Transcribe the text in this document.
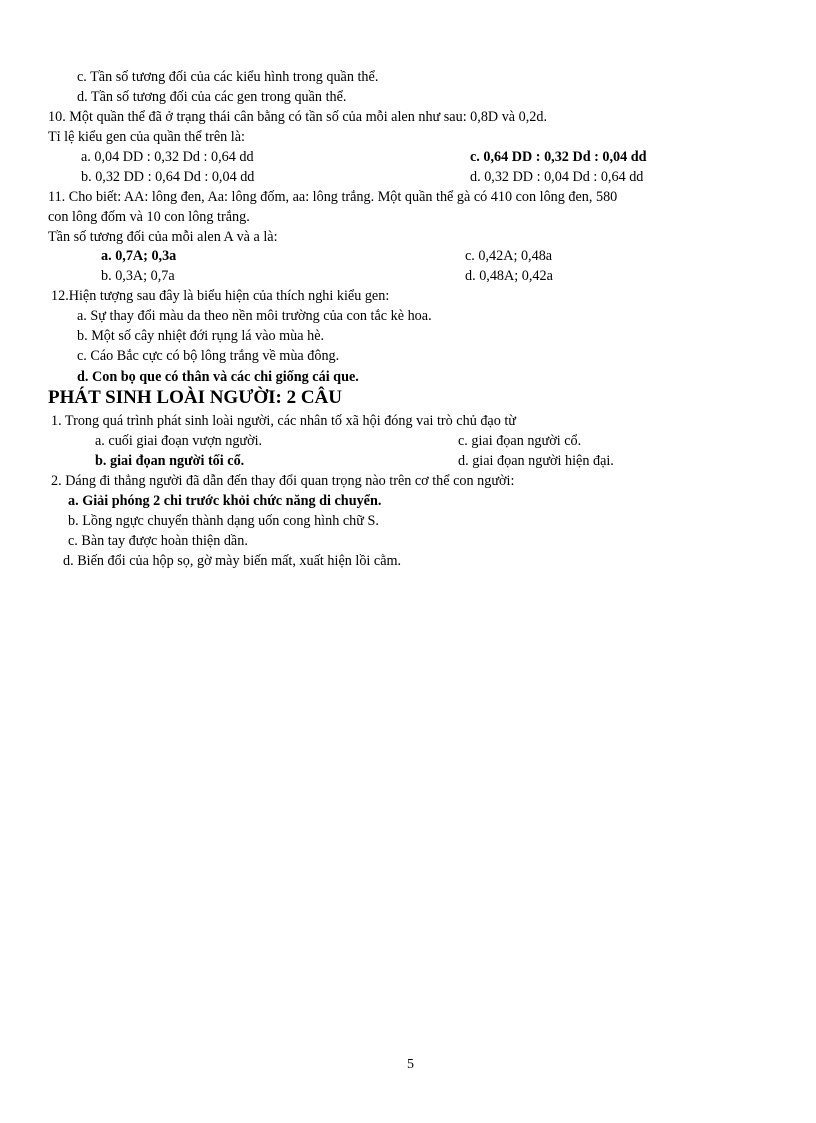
c. Tần số tương đối của các kiểu hình trong quần thể.
d. Tần số tương đối của các gen trong quần thể.
10. Một quần thể đã ở trạng thái cân bằng có tần số của mỗi alen như sau: 0,8D và 0,2d.
Tỉ lệ kiểu gen của quần thể trên là:
a. 0,04 DD : 0,32 Dd : 0,64 dd	c. 0,64 DD : 0,32 Dd : 0,04 dd
b. 0,32 DD : 0,64 Dd : 0,04 dd	d. 0,32 DD : 0,04 Dd : 0,64 dd
11. Cho biết: AA: lông đen, Aa: lông đốm, aa: lông trắng. Một quần thể gà có 410 con lông đen, 580
con lông đốm và 10 con lông trắng.
Tần số tương đối của mỗi alen A và a là:
a. 0,7A; 0,3a	c. 0,42A; 0,48a
b. 0,3A; 0,7a	d. 0,48A; 0,42a
12.Hiện tượng sau đây là biểu hiện của thích nghi kiểu gen:
a. Sự thay đổi màu da theo nền môi trường của con tắc kè hoa.
b. Một số cây nhiệt đới rụng lá vào mùa hè.
c. Cáo Bắc cực có bộ lông trắng về mùa đông.
d. Con bọ que có thân và các chi giống cái que.
PHÁT SINH LOÀI NGƯỜI: 2 CÂU
1. Trong quá trình phát sinh loài người, các nhân tố xã hội đóng vai trò chủ đạo từ
a. cuối giai đoạn vượn người.	c. giai đọan người cổ.
b. giai đọan người tối cổ.	d. giai đọan người hiện đại.
2. Dáng đi thẳng người đã dẫn đến thay đổi quan trọng nào trên cơ thể con người:
a. Giải phóng 2 chi trước khỏi chức năng di chuyển.
b. Lồng ngực chuyển thành dạng uốn cong hình chữ S.
c. Bàn tay được hoàn thiện dần.
d. Biến đổi của hộp sọ, gờ mày biến mất, xuất hiện lồi cằm.
5
